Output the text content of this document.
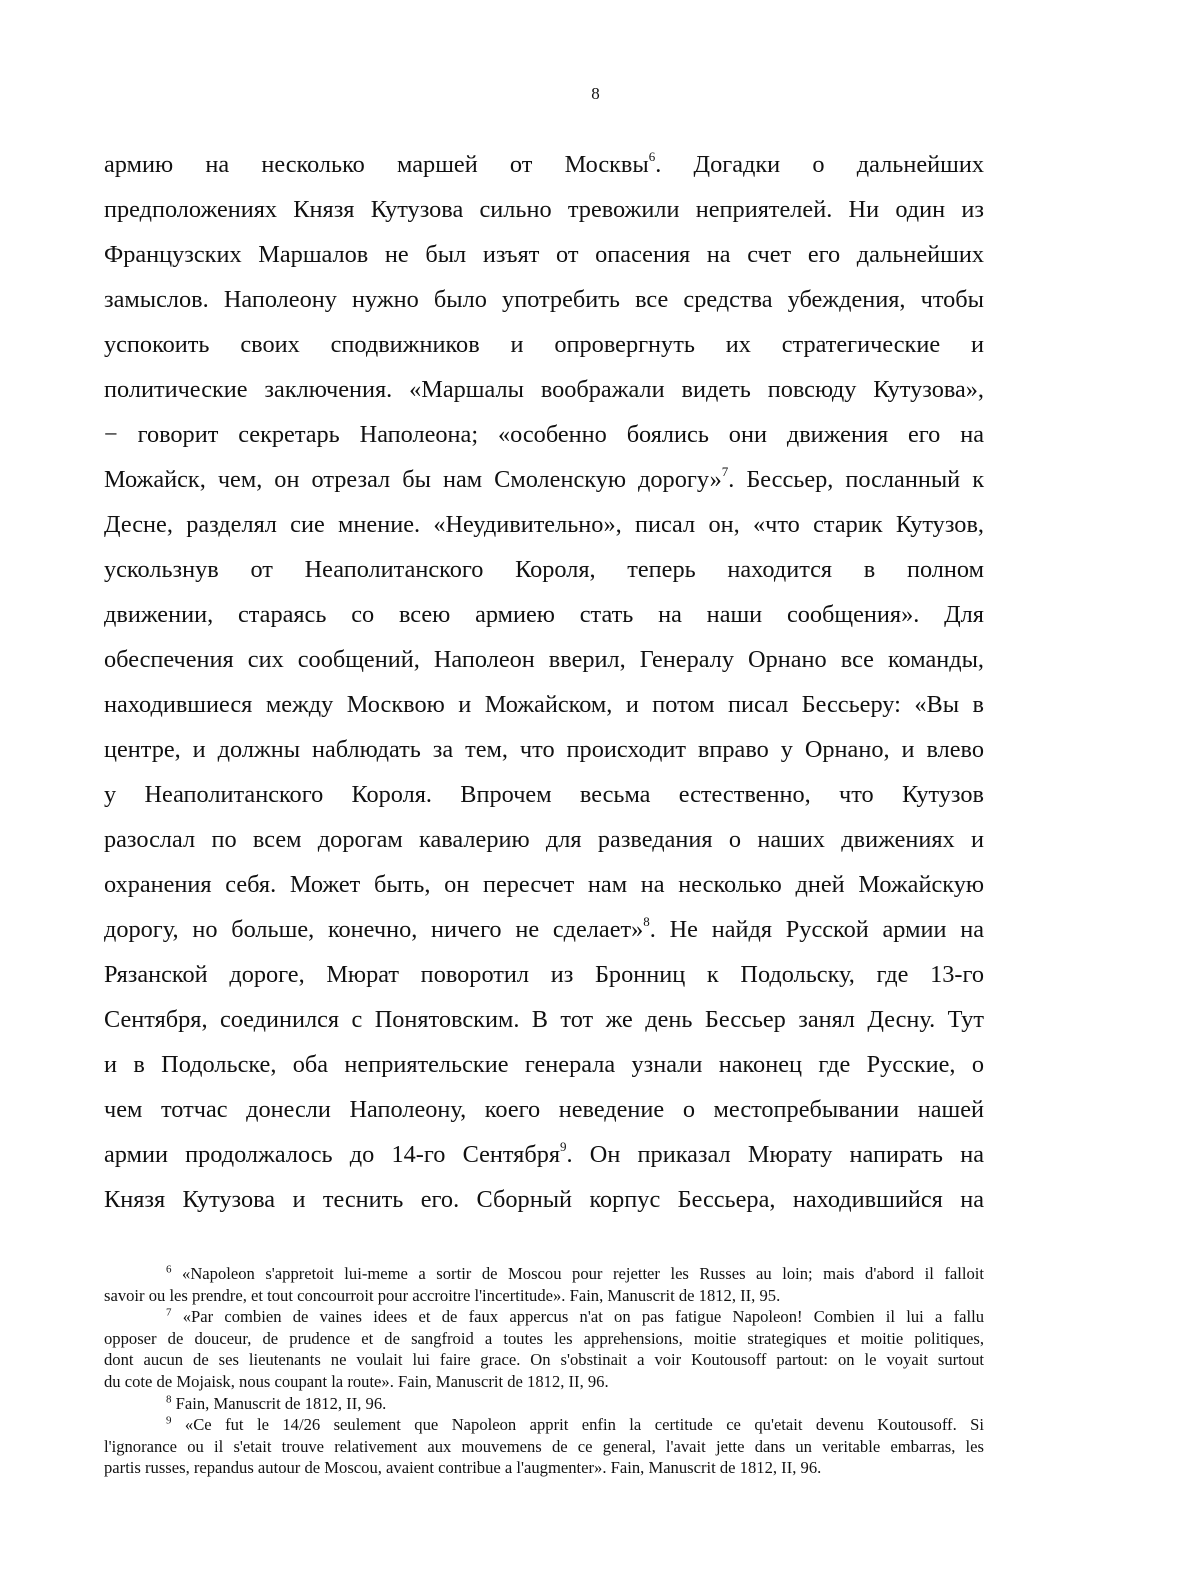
8
армию на несколько маршей от Москвы$^6$. Догадки о дальнейших
предположениях Князя Кутузова сильно тревожили неприятелей. Ни один из
Французских Маршалов не был изъят от опасения на счет его дальнейших
замыслов. Наполеону нужно было употребить все средства убеждения, чтобы
успокоить своих сподвижников и опровергнуть их стратегические и
политические заключения. «Маршалы воображали видеть повсюду Кутузова»,
− говорит секретарь Наполеона; «особенно боялись они движения его на
Можайск, чем, он отрезал бы нам Смоленскую дорогу»$^7$. Бессьер, посланный к
Десне, разделял сие мнение. «Неудивительно», писал он, «что старик Кутузов,
ускользнув от Неаполитанского Короля, теперь находится в полном
движении, стараясь со всею армиею стать на наши сообщения». Для
обеспечения сих сообщений, Наполеон вверил, Генералу Орнано все команды,
находившиеся между Москвою и Можайском, и потом писал Бессьеру: «Вы в
центре, и должны наблюдать за тем, что происходит вправо у Орнано, и влево
у Неаполитанского Короля. Впрочем весьма естественно, что Кутузов
разослал по всем дорогам кавалерию для разведания о наших движениях и
охранения себя. Может быть, он пересчет нам на несколько дней Можайскую
дорогу, но больше, конечно, ничего не сделает»$^8$. Не найдя Русской армии на
Рязанской дороге, Мюрат поворотил из Бронниц к Подольску, где 13-го
Сентября, соединился с Понятовским. В тот же день Бессьер занял Десну. Тут
и в Подольске, оба неприятельские генерала узнали наконец где Русские, о
чем тотчас донесли Наполеону, коего неведение о местопребывании нашей
армии продолжалось до 14-го Сентября$^9$. Он приказал Мюрату напирать на
Князя Кутузова и теснить его. Сборный корпус Бессьера, находившийся на
$^6$ «Napoleon s'appretoit lui-meme a sortir de Moscou pour rejetter les Russes au loin; mais d'abord il falloit
savoir ou les prendre, et tout concourroit pour accroitre l'incertitude». Fain, Manuscrit de 1812, II, 95.
$^7$ «Par combien de vaines idees et de faux appercus n'at on pas fatigue Napoleon! Combien il lui a fallu
opposer de douceur, de prudence et de sangfroid a toutes les apprehensions, moitie strategiques et moitie politiques,
dont aucun de ses lieutenants ne voulait lui faire grace. On s'obstinait a voir Koutousoff partout: on le voyait surtout
du cote de Mojaisk, nous coupant la route». Fain, Manuscrit de 1812, II, 96.
$^8$ Fain, Manuscrit de 1812, II, 96.
$^9$ «Ce fut le 14/26 seulement que Napoleon apprit enfin la certitude ce qu'etait devenu Koutousoff. Si
l'ignorance ou il s'etait trouve relativement aux mouvemens de ce general, l'avait jette dans un veritable embarras, les
partis russes, repandus autour de Moscou, avaient contribue a l'augmenter». Fain, Manuscrit de 1812, II, 96.
